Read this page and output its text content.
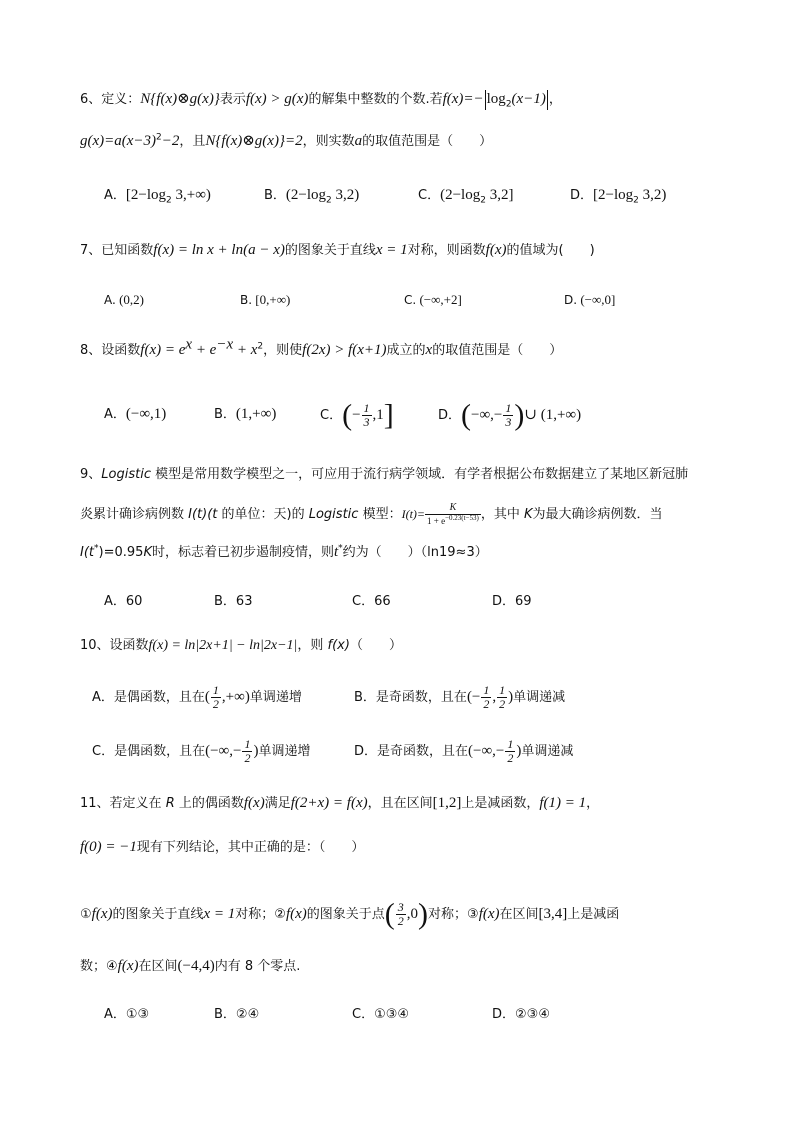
6、定义：N{f(x)⊗g(x)}表示f(x) > g(x)的解集中整数的个数.若$f(x)=- \log_2(x-1)$ ，
$g(x)=a(x-3)^2-2$，且N{f(x)⊗g(x)}=2，则实数a的取值范围是（　　）
A．[$2-\log_2$ 3,+∞)	B．($2-\log_2$ 3,2)	C．($2-\log_2$ 3,2]	D．[$2-\log_2$ 3,2)
7、已知函数f(x) = ln x + ln(a − x)的图象关于直线x = 1对称，则函数f(x)的值域为(　　)
A. (0,2)	B. [0,+∞)	C. (−∞,+2]	D. (−∞,0]
8、设函数$f(x) = e^x + e^{-x} + x^2$，则使f(2x) > f(x+1)成立的x的取值范围是（　　）
A．(−∞,1)	B．(1,+∞)	C．(− $\frac{1}{3} ,1$]	D．(−∞,− $\frac{1}{3}$ )∪ (1,+∞)
9、Logistic 模型是常用数学模型之一，可应用于流行病学领域．有学者根据公布数据建立了某地区新冠肺
炎累计确诊病例数 I(t)(t 的单位：天)的 Logistic 模型：$I(t)= \frac{K}{1 + e^{-0.23(t-53)}}$ ，其中 K为最大确诊病例数．当
I(t*)=0.95K时，标志着已初步遏制疫情，则t*约为（　　）（ln19≈3）
A．60	B．63	C．66	D．69
10、设函数f(x) = ln|2x+1| − ln|2x−1|，则 f(x)（　　）
A．是偶函数，且在( $\frac{1}{2}$ ,+∞)单调递增	B．是奇函数，且在(− $\frac{1}{2}$ , $\frac{1}{2}$ )单调递减
C．是偶函数，且在(−∞,− $\frac{1}{2}$ )单调递增	D．是奇函数，且在(−∞,− $\frac{1}{2}$ )单调递减
11、若定义在 R 上的偶函数f(x)满足f(2+x) = f(x)，且在区间[1,2]上是减函数，f(1) = 1，
f(0) = −1现有下列结论，其中正确的是：（　　）
①f(x)的图象关于直线x = 1对称；②f(x)的图象关于点( $\frac{3}{2} ,0$)对称；③f(x)在区间[3,4]上是减函
数；④f(x)在区间(−4,4)内有 8 个零点.
A．①③	B．②④	C．①③④	D．②③④
